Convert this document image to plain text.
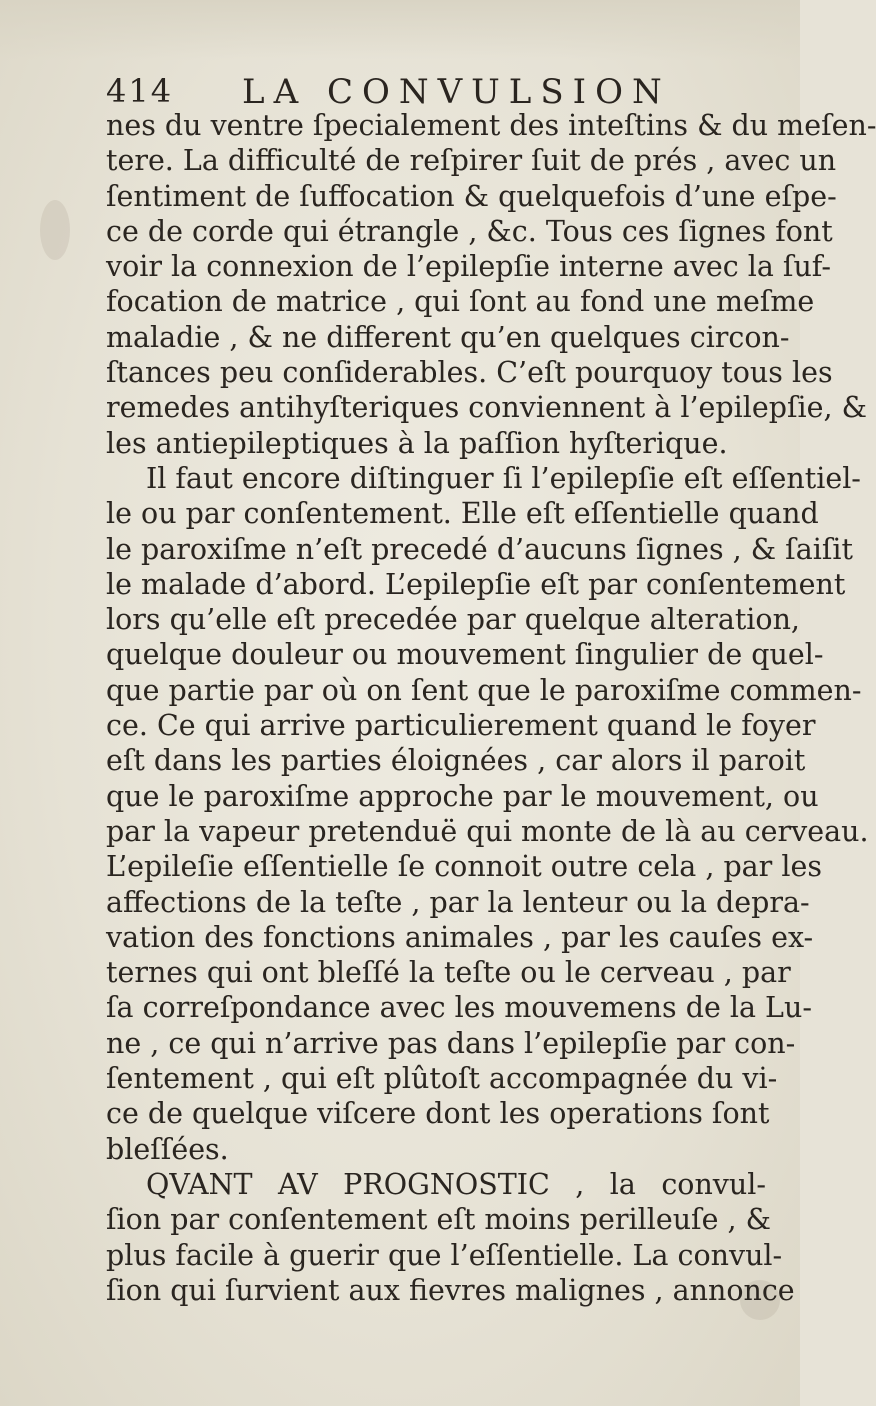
414 LA CONVULSION
nes du ventre ſpecialement des inteſtins & du meſen-
tere. La difficulté de reſpirer ſuit de prés , avec un
ſentiment de ſuffocation & quelquefois d’une eſpe-
ce de corde qui étrangle , &c. Tous ces ſignes font
voir la connexion de l’epilepſie interne avec la ſuf-
focation de matrice , qui ſont au fond une meſme
maladie , & ne different qu’en quelques circon-
ſtances peu conſiderables. C’eſt pourquoy tous les
remedes antihyſteriques conviennent à l’epilepſie, &
les antiepileptiques à la paſſion hyſterique.
Il faut encore diſtinguer ſi l’epilepſie eſt eſſentiel-
le ou par conſentement. Elle eſt eſſentielle quand
le paroxiſme n’eſt precedé d’aucuns ſignes , & ſaiſit
le malade d’abord. L’epilepſie eſt par conſentement
lors qu’elle eſt precedée par quelque alteration,
quelque douleur ou mouvement ſingulier de quel-
que partie par où on ſent que le paroxiſme commen-
ce. Ce qui arrive particulierement quand le foyer
eſt dans les parties éloignées , car alors il paroit
que le paroxiſme approche par le mouvement, ou
par la vapeur pretenduë qui monte de là au cerveau.
L’epileſie eſſentielle ſe connoit outre cela , par les
affections de la teſte , par la lenteur ou la depra-
vation des fonctions animales , par les cauſes ex-
ternes qui ont bleſſé la teſte ou le cerveau , par
ſa correſpondance avec les mouvemens de la Lu-
ne , ce qui n’arrive pas dans l’epilepſie par con-
ſentement , qui eſt plûtoſt accompagnée du vi-
ce de quelque viſcere dont les operations ſont
bleſſées.
QVANT AV PROGNOSTIC , la convul-
ſion par conſentement eſt moins perilleuſe , &
plus facile à guerir que l’eſſentielle. La convul-
ſion qui ſurvient aux fievres malignes , annonce
